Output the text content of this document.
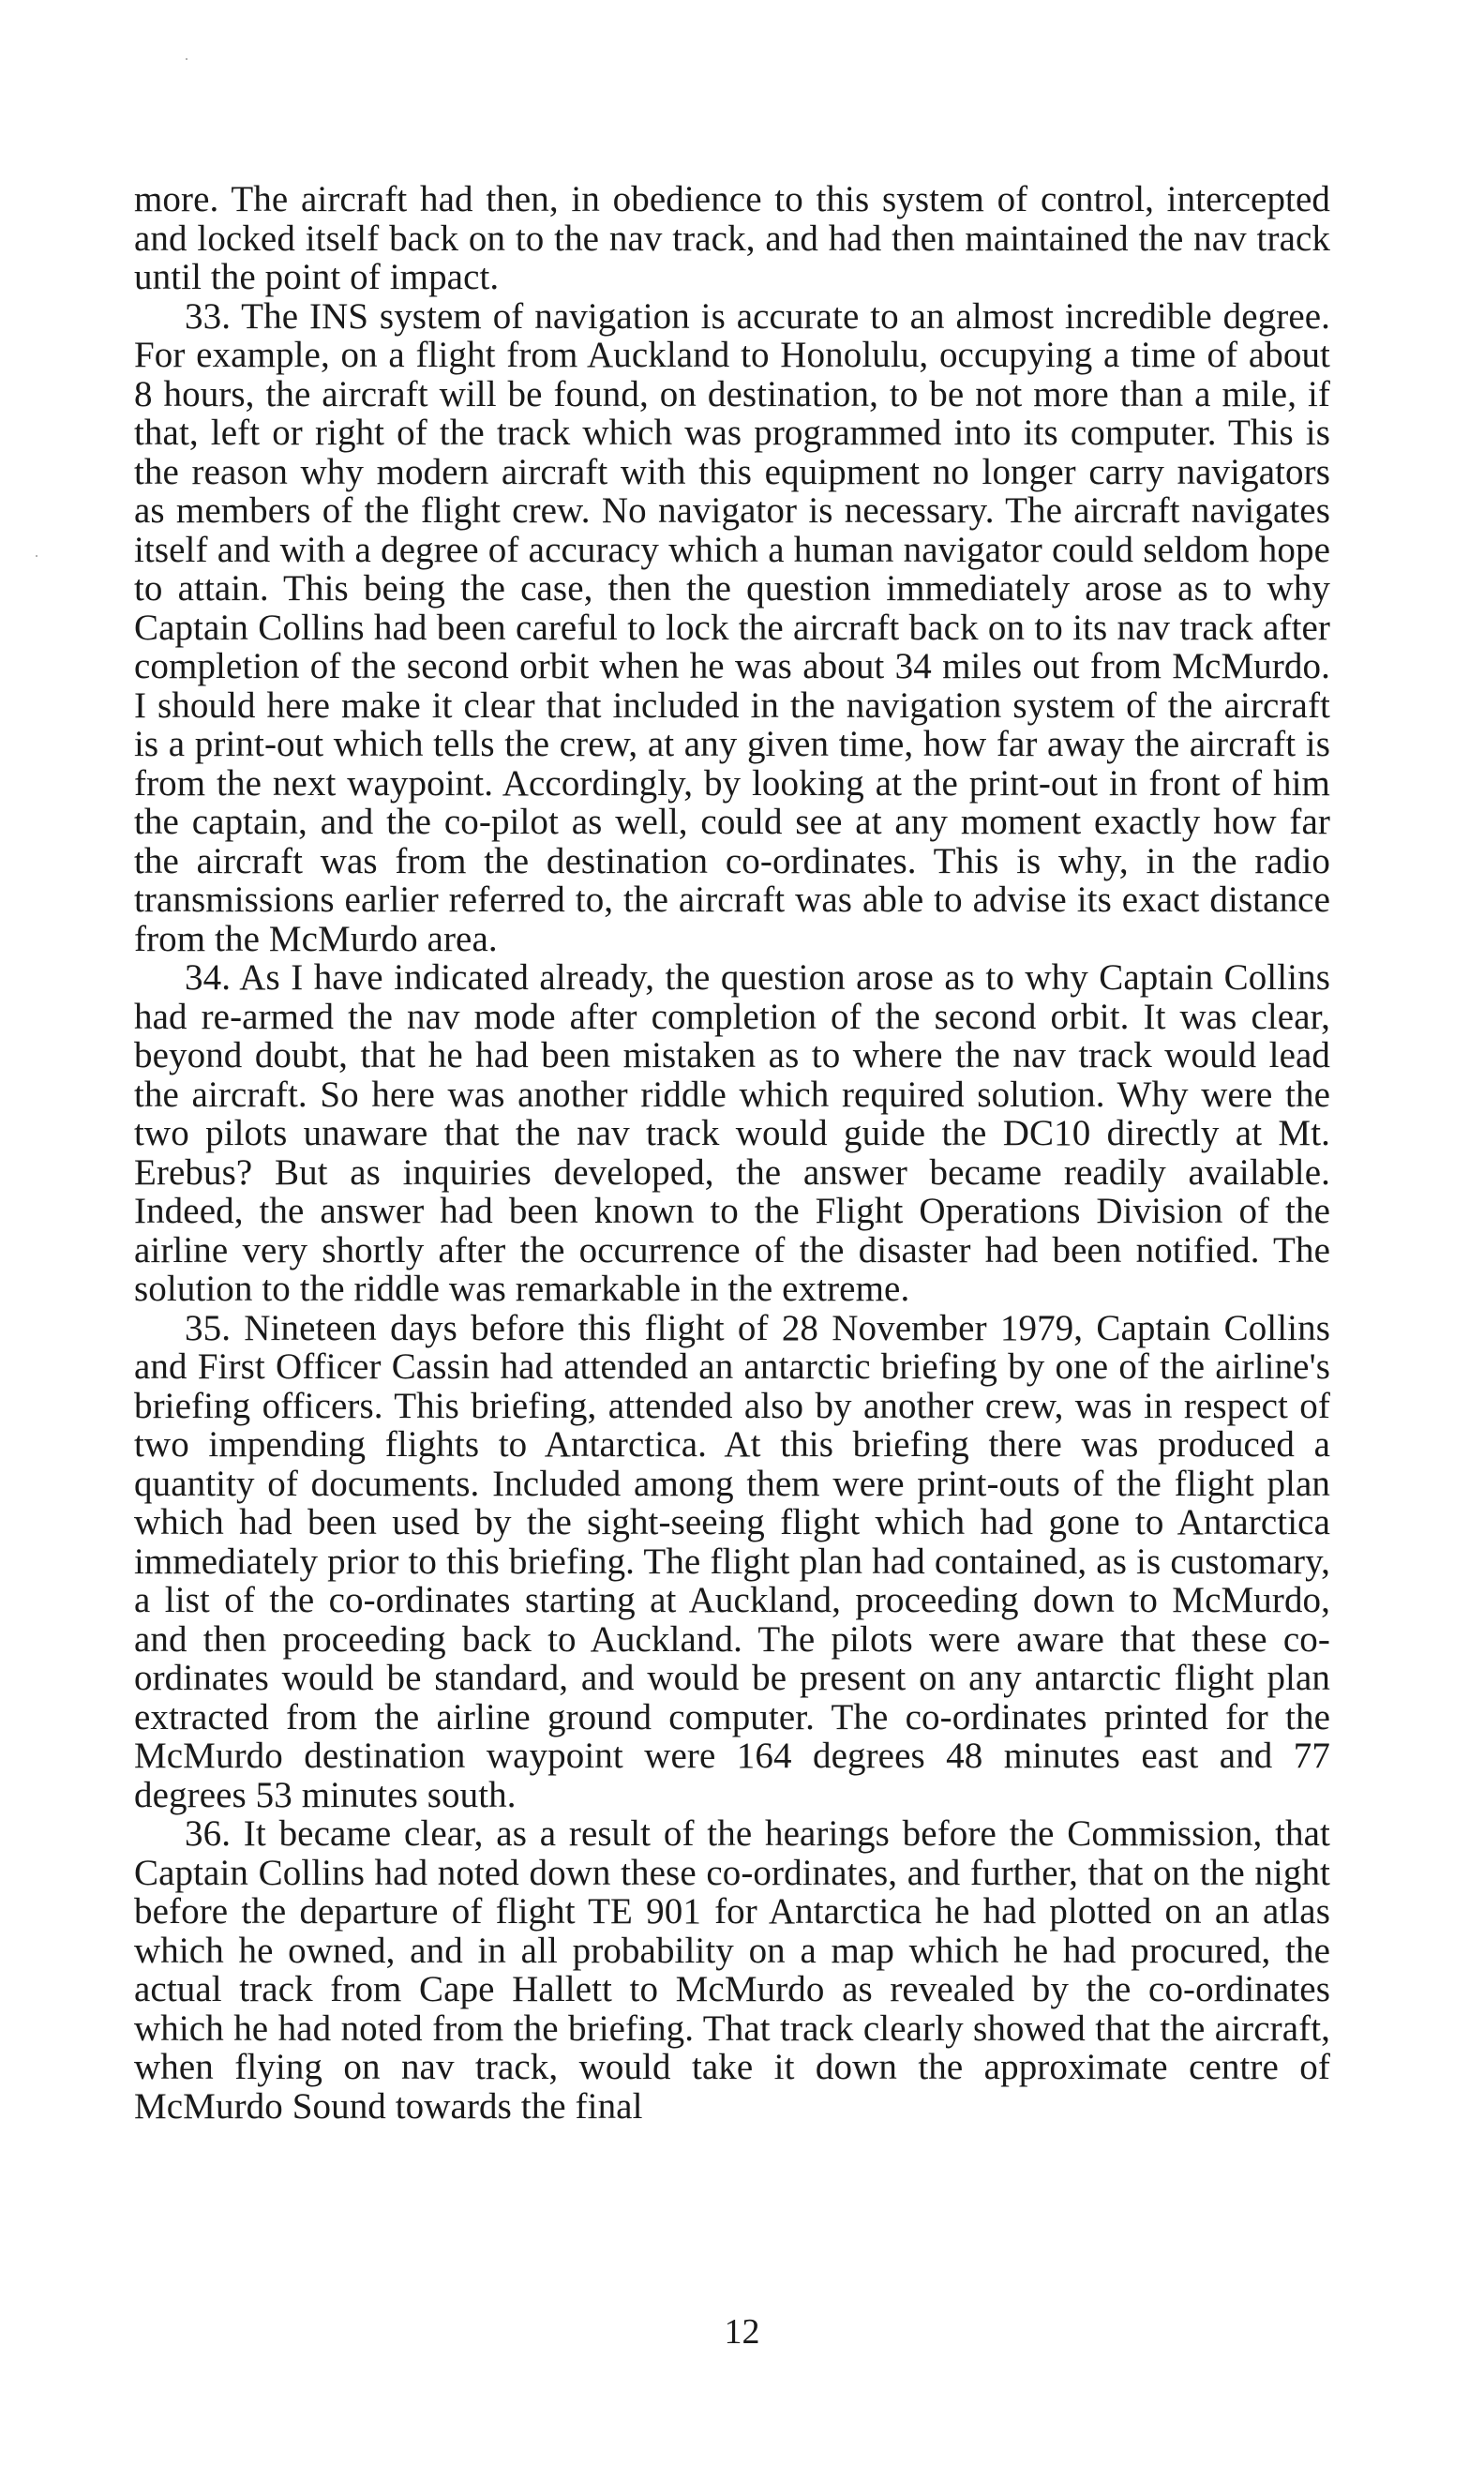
more. The aircraft had then, in obedience to this system of control, intercepted and locked itself back on to the nav track, and had then maintained the nav track until the point of impact.

33. The INS system of navigation is accurate to an almost incredible degree. For example, on a flight from Auckland to Honolulu, occupying a time of about 8 hours, the aircraft will be found, on destination, to be not more than a mile, if that, left or right of the track which was programmed into its computer. This is the reason why modern aircraft with this equipment no longer carry navigators as members of the flight crew. No navigator is necessary. The aircraft navigates itself and with a degree of accuracy which a human navigator could seldom hope to attain. This being the case, then the question immediately arose as to why Captain Collins had been careful to lock the aircraft back on to its nav track after completion of the second orbit when he was about 34 miles out from McMurdo. I should here make it clear that included in the navigation system of the aircraft is a print-out which tells the crew, at any given time, how far away the aircraft is from the next waypoint. Accordingly, by looking at the print-out in front of him the captain, and the co-pilot as well, could see at any moment exactly how far the aircraft was from the destination co-ordinates. This is why, in the radio transmissions earlier referred to, the aircraft was able to advise its exact distance from the McMurdo area.

34. As I have indicated already, the question arose as to why Captain Collins had re-armed the nav mode after completion of the second orbit. It was clear, beyond doubt, that he had been mistaken as to where the nav track would lead the aircraft. So here was another riddle which required solution. Why were the two pilots unaware that the nav track would guide the DC10 directly at Mt. Erebus? But as inquiries developed, the answer became readily available. Indeed, the answer had been known to the Flight Operations Division of the airline very shortly after the occurrence of the disaster had been notified. The solution to the riddle was remarkable in the extreme.

35. Nineteen days before this flight of 28 November 1979, Captain Collins and First Officer Cassin had attended an antarctic briefing by one of the airline's briefing officers. This briefing, attended also by another crew, was in respect of two impending flights to Antarctica. At this briefing there was produced a quantity of documents. Included among them were print-outs of the flight plan which had been used by the sight-seeing flight which had gone to Antarctica immediately prior to this briefing. The flight plan had contained, as is customary, a list of the co-ordinates starting at Auckland, proceeding down to McMurdo, and then proceeding back to Auckland. The pilots were aware that these co-ordinates would be standard, and would be present on any antarctic flight plan extracted from the airline ground computer. The co-ordinates printed for the McMurdo destination waypoint were 164 degrees 48 minutes east and 77 degrees 53 minutes south.

36. It became clear, as a result of the hearings before the Commission, that Captain Collins had noted down these co-ordinates, and further, that on the night before the departure of flight TE 901 for Antarctica he had plotted on an atlas which he owned, and in all probability on a map which he had procured, the actual track from Cape Hallett to McMurdo as revealed by the co-ordinates which he had noted from the briefing. That track clearly showed that the aircraft, when flying on nav track, would take it down the approximate centre of McMurdo Sound towards the final

12
